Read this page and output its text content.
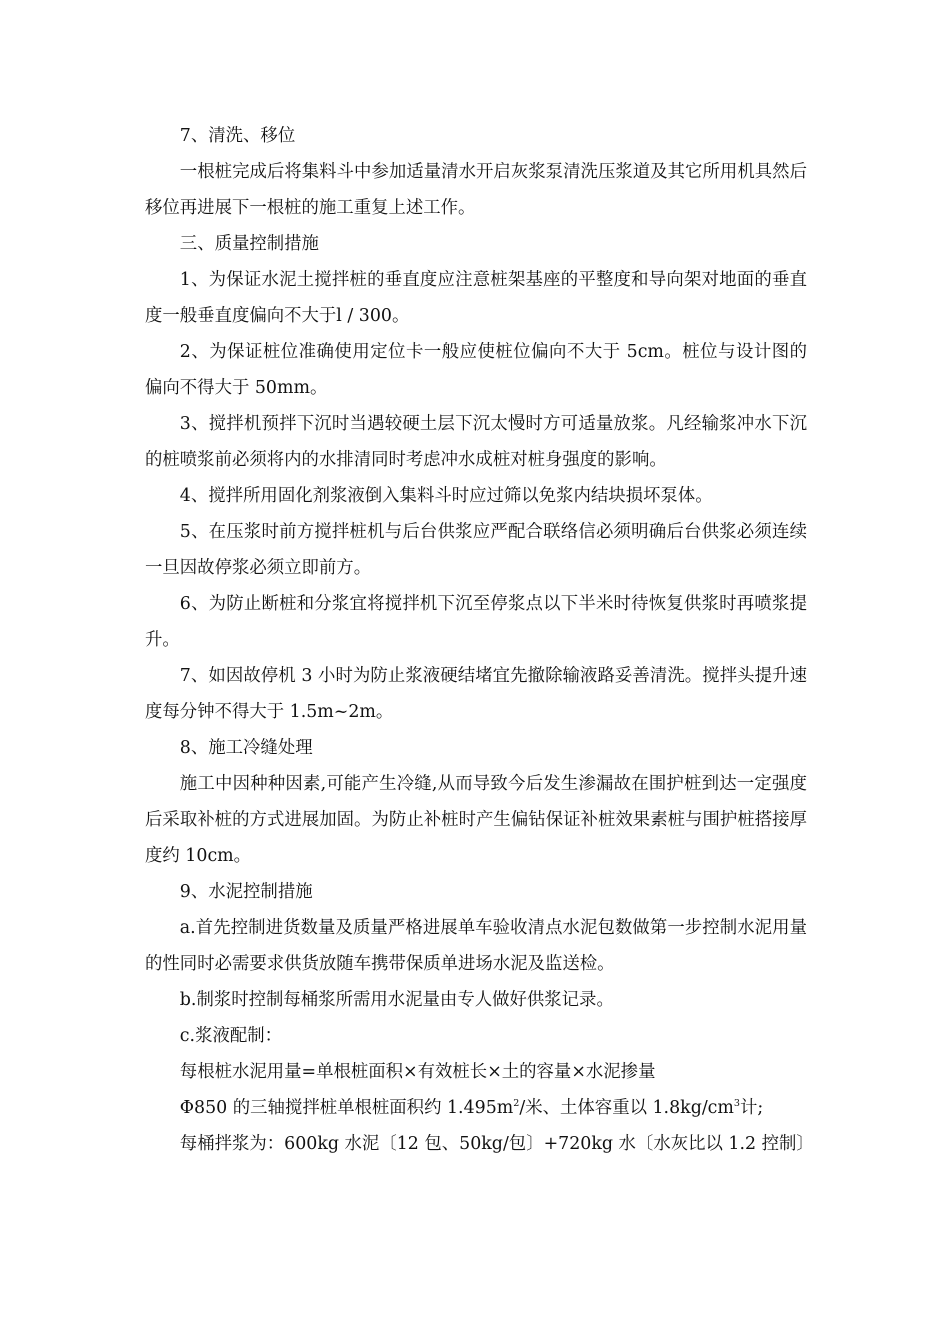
7、清洗、移位

一根桩完成后将集料斗中参加适量清水开启灰浆泵清洗压浆道及其它所用机具然后移位再进展下一根桩的施工重复上述工作。

三、质量控制措施

1、为保证水泥土搅拌桩的垂直度应注意桩架基座的平整度和导向架对地面的垂直度一般垂直度偏向不大于l / 300。

2、为保证桩位准确使用定位卡一般应使桩位偏向不大于 5cm。桩位与设计图的偏向不得大于 50mm。

3、搅拌机预拌下沉时当遇较硬土层下沉太慢时方可适量放浆。凡经输浆冲水下沉的桩喷浆前必须将内的水排清同时考虑冲水成桩对桩身强度的影响。

4、搅拌所用固化剂浆液倒入集料斗时应过筛以免浆内结块损坏泵体。

5、在压浆时前方搅拌桩机与后台供浆应严配合联络信必须明确后台供浆必须连续一旦因故停浆必须立即前方。

6、为防止断桩和分浆宜将搅拌机下沉至停浆点以下半米时待恢复供浆时再喷浆提升。

7、如因故停机 3 小时为防止浆液硬结堵宜先撤除输液路妥善清洗。搅拌头提升速度每分钟不得大于 1.5m~2m。

8、施工冷缝处理

施工中因种种因素,可能产生冷缝,从而导致今后发生渗漏故在围护桩到达一定强度后采取补桩的方式进展加固。为防止补桩时产生偏钻保证补桩效果素桩与围护桩搭接厚度约 10cm。

9、水泥控制措施

a.首先控制进货数量及质量严格进展单车验收清点水泥包数做第一步控制水泥用量的性同时必需要求供货放随车携带保质单进场水泥及监送检。

b.制浆时控制每桶浆所需用水泥量由专人做好供浆记录。

c.浆液配制：

每根桩水泥用量=单根桩面积×有效桩长×土的容量×水泥掺量

Φ850 的三轴搅拌桩单根桩面积约 $1.495m^2/$米、土体容重以 $1.8kg/cm^3$计;

每桶拌浆为：600kg 水泥〔12 包、50kg/包〕+720kg 水〔水灰比以 1.2 控制〕
